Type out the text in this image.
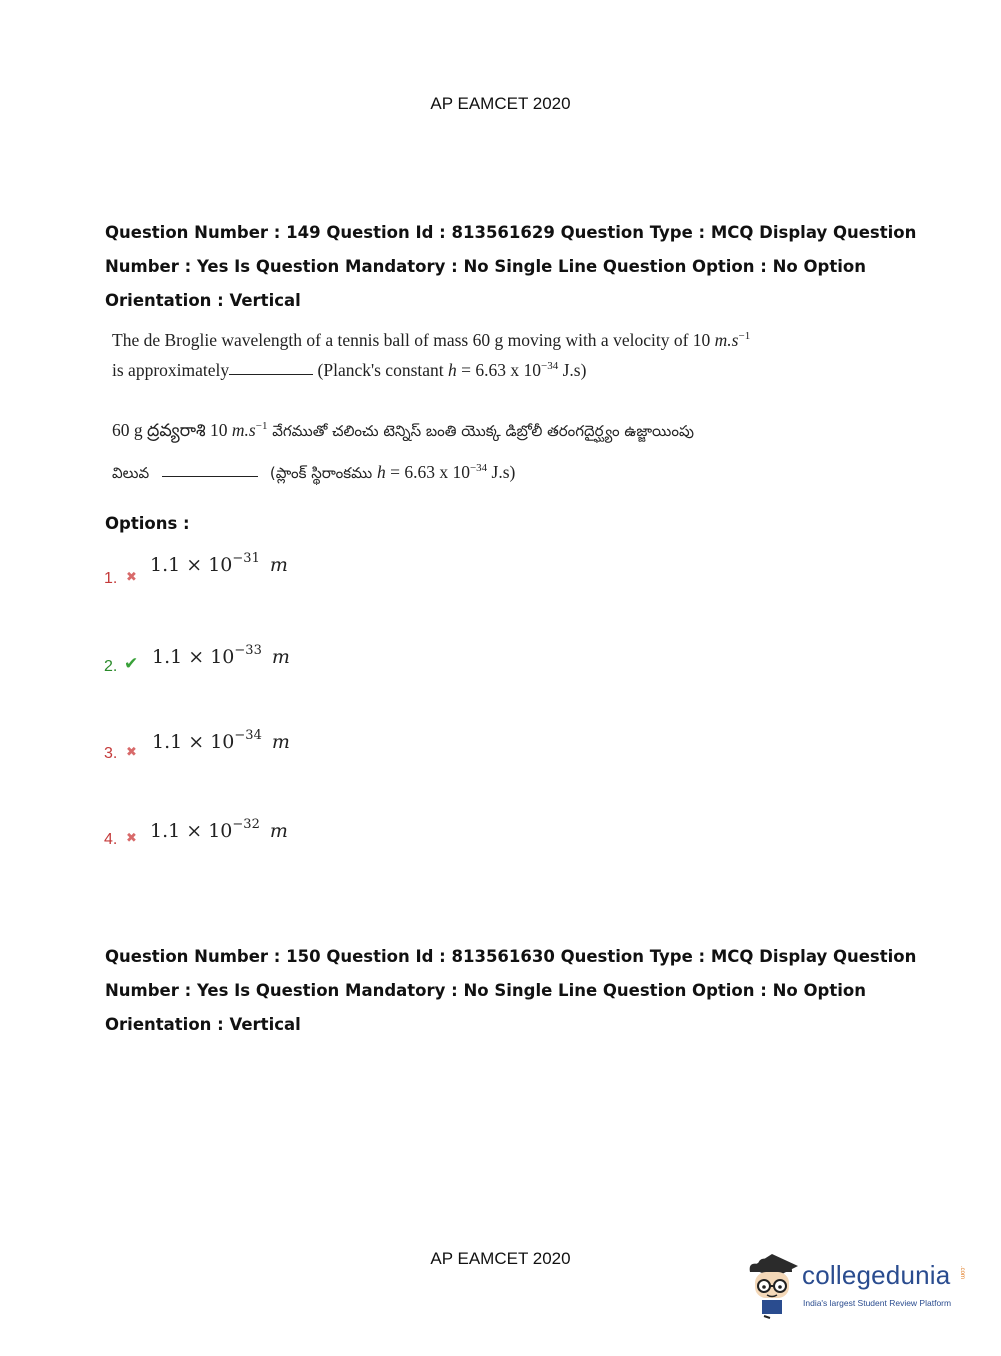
AP EAMCET 2020
Question Number : 149 Question Id : 813561629 Question Type : MCQ Display Question
Number : Yes Is Question Mandatory : No Single Line Question Option : No Option
Orientation : Vertical
The de Broglie wavelength of a tennis ball of mass 60 g moving with a velocity of 10 $m.s^{-1}$
is approximately	(Planck's constant h = 6.63 x $10^{-34}$ J.s)
60 g ద్రవ్యరాశి 10 $m.s^{-1}$ వేగముతో చలించు టెన్నిస్ బంతి యొక్క డిబ్రోలీ తరంగదైర్ఘ్యం ఉజ్జాయింపు
విలువ	(ప్లాంక్ స్థిరాంకము h = 6.63 x $10^{-34}$ J.s)
Options :
1. ✖
$1.1 \times 10^{-31}$ m
2. ✔ $1.1 \times 10^{-33}$ m
3. ✖ $1.1 \times 10^{-34}$ m
4. ✖ $1.1 \times 10^{-32}$ m
Question Number : 150 Question Id : 813561630 Question Type : MCQ Display Question
Number : Yes Is Question Mandatory : No Single Line Question Option : No Option
Orientation : Vertical
AP EAMCET 2020
collegedunia .com
India's largest Student Review Platform
